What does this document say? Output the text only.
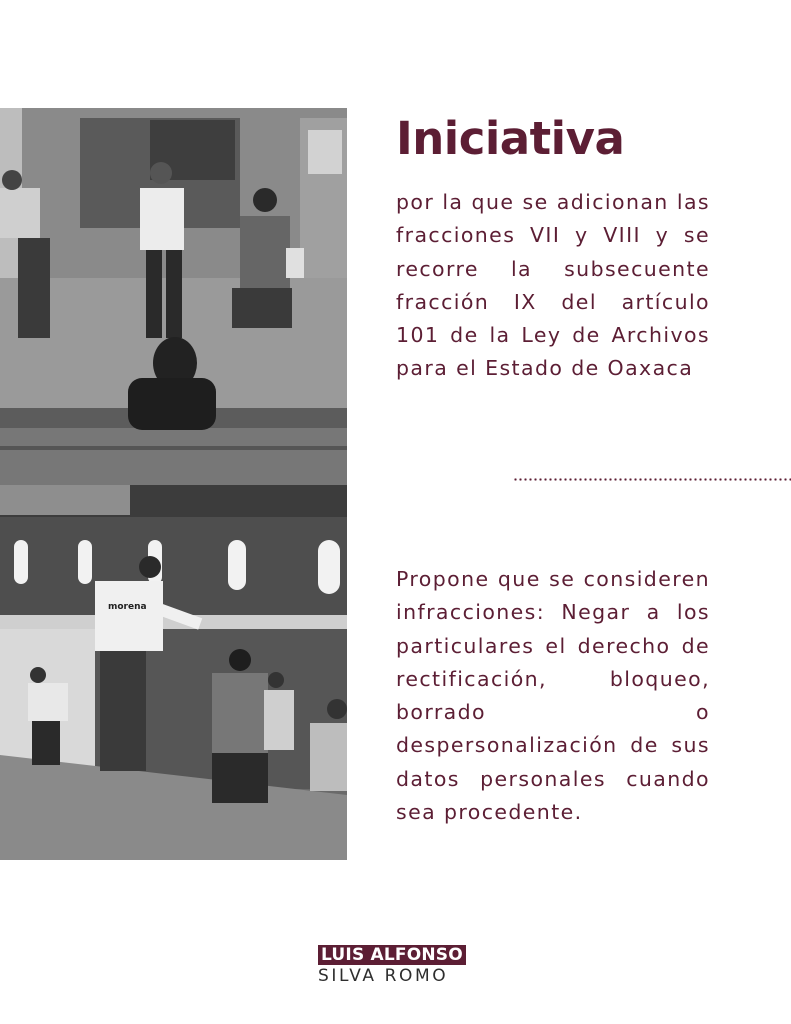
morena
Iniciativa

por la que se adicionan las fracciones VII y VIII y se recorre la subsecuente fracción IX del artículo 101 de la Ley de Archivos para el Estado de Oaxaca

Propone que se consideren infracciones: Negar a los particulares el derecho de rectificación, bloqueo, borrado o despersonalización de sus datos personales cuando sea procedente.

LUIS ALFONSO
SILVA ROMO
